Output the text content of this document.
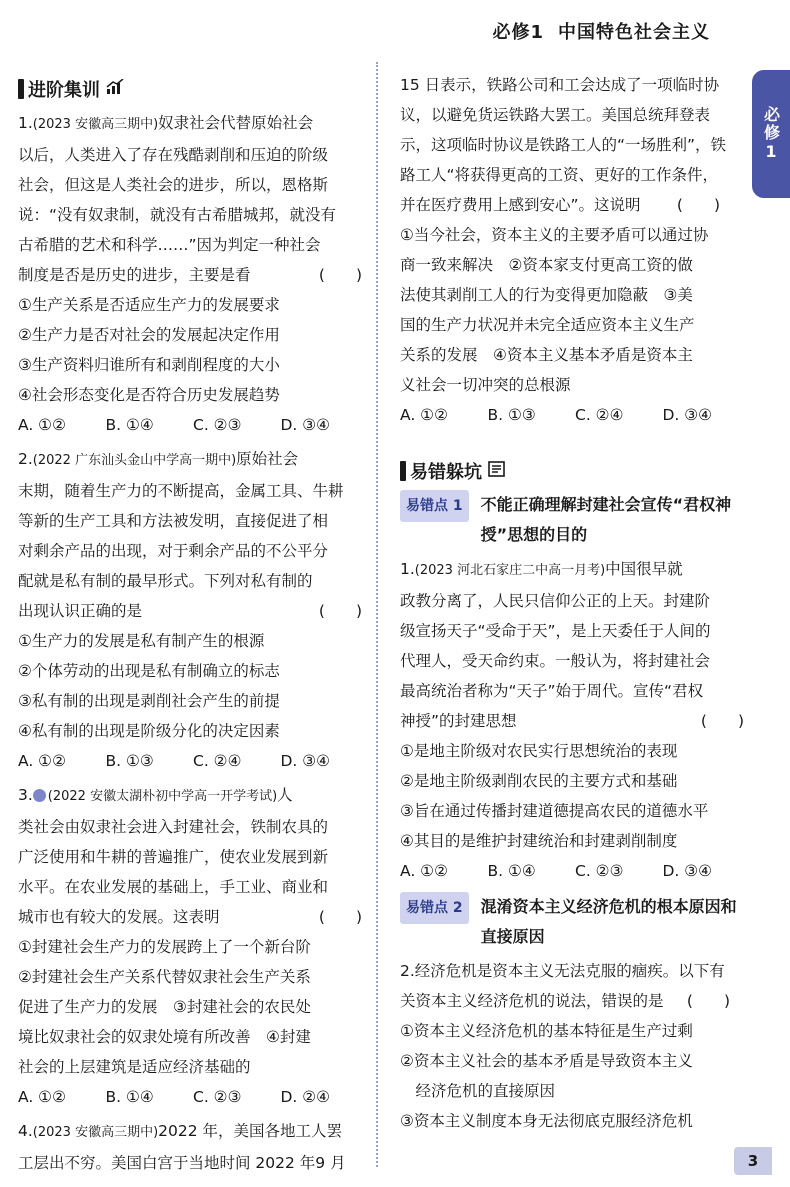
必修1 中国特色社会主义
必修1
进阶集训
1.(2023 安徽高三期中)奴隶社会代替原始社会
以后，人类进入了存在残酷剥削和压迫的阶级
社会，但这是人类社会的进步，所以，恩格斯
说：“没有奴隶制，就没有古希腊城邦，就没有
古希腊的艺术和科学……”因为判定一种社会
制度是否是历史的进步，主要是看	(　　)
①生产关系是否适应生产力的发展要求
②生产力是否对社会的发展起决定作用
③生产资料归谁所有和剥削程度的大小
④社会形态变化是否符合历史发展趋势
A. ①②	B. ①④	C. ②③	D. ③④
2.(2022 广东汕头金山中学高一期中)原始社会
末期，随着生产力的不断提高，金属工具、牛耕
等新的生产工具和方法被发明，直接促进了相
对剩余产品的出现，对于剩余产品的不公平分
配就是私有制的最早形式。下列对私有制的
出现认识正确的是	(　　)
①生产力的发展是私有制产生的根源
②个体劳动的出现是私有制确立的标志
③私有制的出现是剥削社会产生的前提
④私有制的出现是阶级分化的决定因素
A. ①②	B. ①③	C. ②④	D. ③④
3. (2022 安徽太湖朴初中学高一开学考试)人
类社会由奴隶社会进入封建社会，铁制农具的
广泛使用和牛耕的普遍推广，使农业发展到新
水平。在农业发展的基础上，手工业、商业和
城市也有较大的发展。这表明	(　　)
①封建社会生产力的发展跨上了一个新台阶
②封建社会生产关系代替奴隶社会生产关系
促进了生产力的发展　③封建社会的农民处
境比奴隶社会的奴隶处境有所改善　④封建
社会的上层建筑是适应经济基础的
A. ①②	B. ①④	C. ②③	D. ②④
4.(2023 安徽高三期中)2022 年，美国各地工人罢
工层出不穷。美国白宫于当地时间 2022 年9 月
15 日表示，铁路公司和工会达成了一项临时协
议，以避免货运铁路大罢工。美国总统拜登表
示，这项临时协议是铁路工人的“一场胜利”，铁
路工人“将获得更高的工资、更好的工作条件，
并在医疗费用上感到安心”。这说明 (　　)
①当今社会，资本主义的主要矛盾可以通过协
商一致来解决　②资本家支付更高工资的做
法使其剥削工人的行为变得更加隐蔽　③美
国的生产力状况并未完全适应资本主义生产
关系的发展　④资本主义基本矛盾是资本主
义社会一切冲突的总根源
A. ①②	B. ①③	C. ②④	D. ③④
易错躲坑
易错点 1	不能正确理解封建社会宣传“君权神授”思想的目的
1.(2023 河北石家庄二中高一月考)中国很早就
政教分离了，人民只信仰公正的上天。封建阶
级宣扬天子“受命于天”，是上天委任于人间的
代理人，受天命约束。一般认为，将封建社会
最高统治者称为“天子”始于周代。宣传“君权
神授”的封建思想	(　　)
①是地主阶级对农民实行思想统治的表现
②是地主阶级剥削农民的主要方式和基础
③旨在通过传播封建道德提高农民的道德水平
④其目的是维护封建统治和封建剥削制度
A. ①②	B. ①④	C. ②③	D. ③④
易错点 2	混淆资本主义经济危机的根本原因和直接原因
2.经济危机是资本主义无法克服的痼疾。以下有
关资本主义经济危机的说法，错误的是 (　　)
①资本主义经济危机的基本特征是生产过剩
②资本主义社会的基本矛盾是导致资本主义
　经济危机的直接原因
③资本主义制度本身无法彻底克服经济危机
3
